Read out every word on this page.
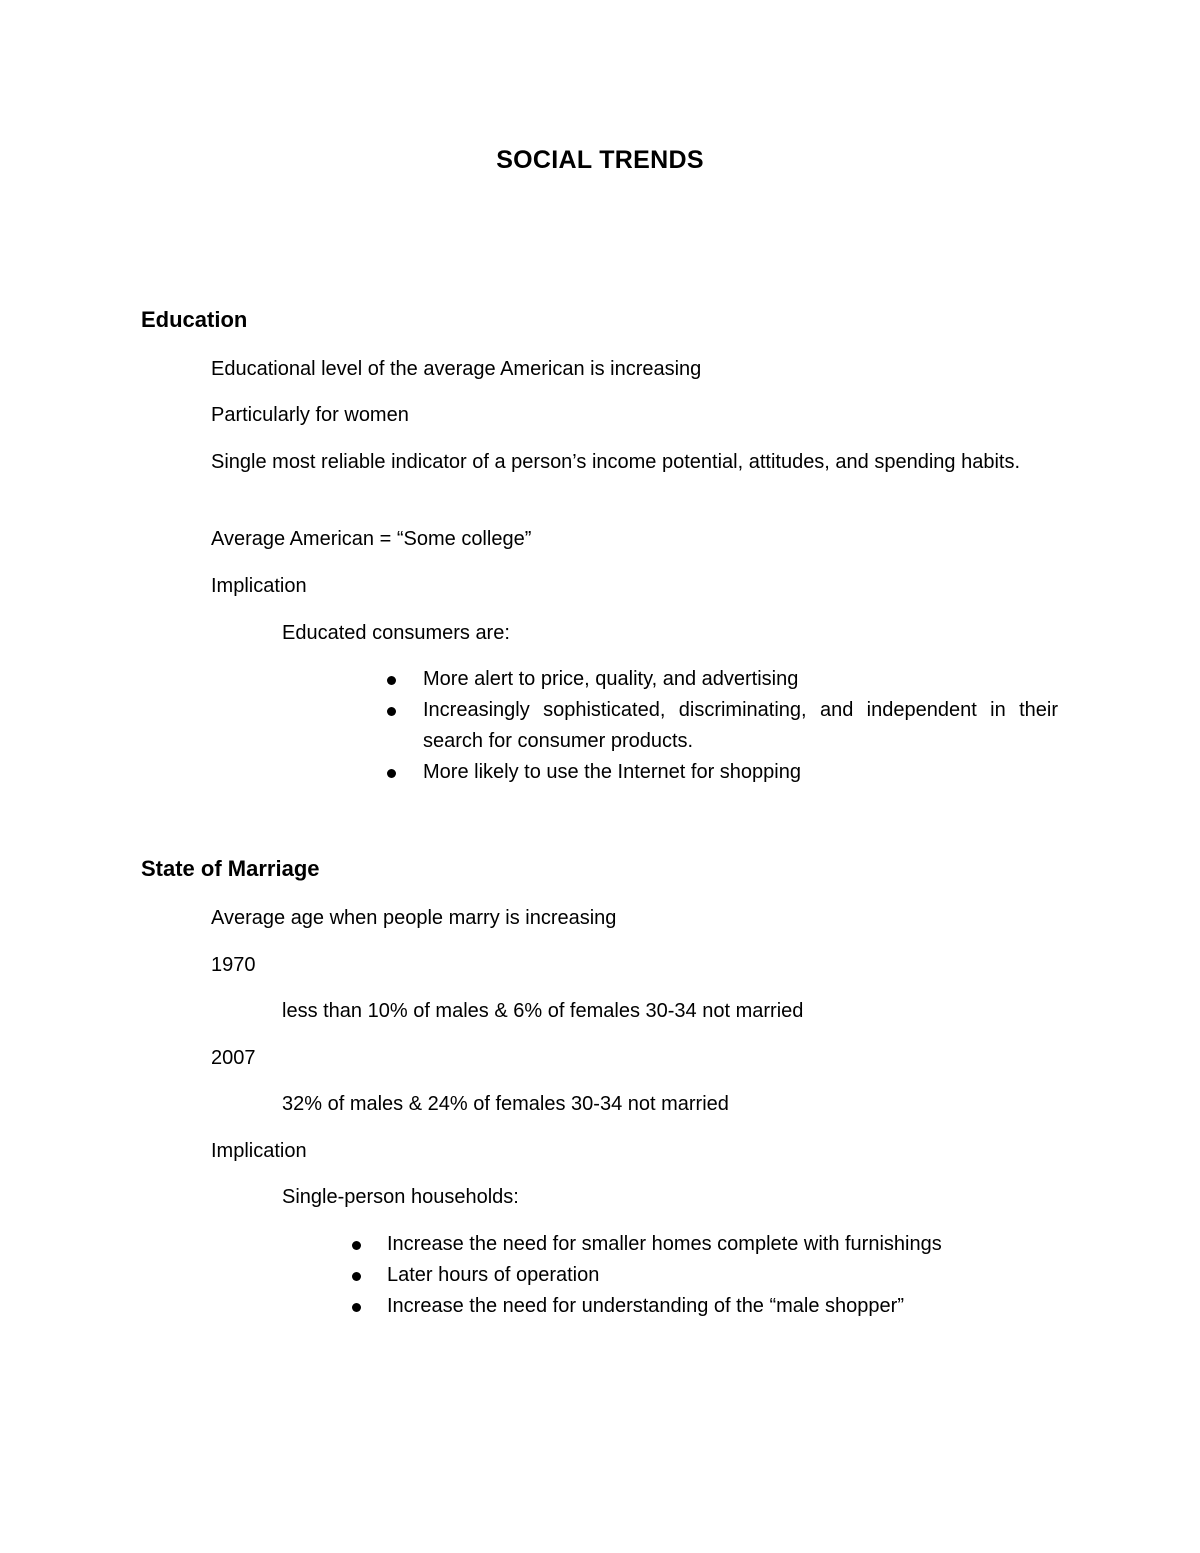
SOCIAL TRENDS
Education
Educational level of the average American is increasing
Particularly for women
Single most reliable indicator of a person’s income potential, attitudes, and spending habits.
Average American = “Some college”
Implication
Educated consumers are:
More alert to price, quality, and advertising
Increasingly sophisticated, discriminating, and independent in their search for consumer products.
More likely to use the Internet for shopping
State of Marriage
Average age when people marry is increasing
1970
less than 10% of males & 6% of females 30-34 not married
2007
32% of males & 24% of females 30-34 not married
Implication
Single-person households:
Increase the need for smaller homes complete with furnishings
Later hours of operation
Increase the need for understanding of the “male shopper”
